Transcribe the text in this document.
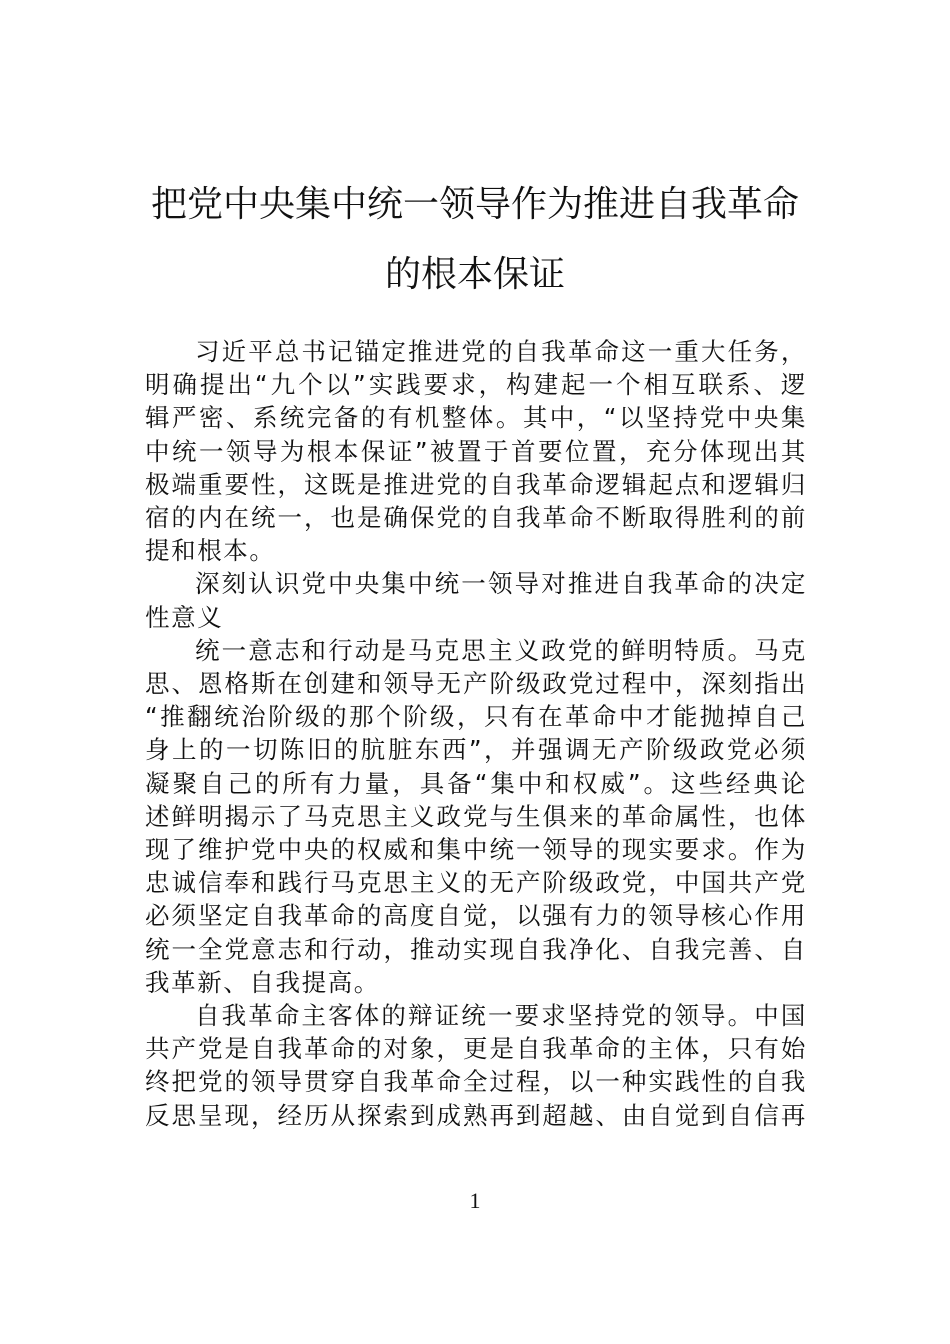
把党中央集中统一领导作为推进自我革命
的根本保证

习近平总书记锚定推进党的自我革命这一重大任务，
明确提出“九个以”实践要求，构建起一个相互联系、逻
辑严密、系统完备的有机整体。其中，“以坚持党中央集
中统一领导为根本保证”被置于首要位置，充分体现出其
极端重要性，这既是推进党的自我革命逻辑起点和逻辑归
宿的内在统一，也是确保党的自我革命不断取得胜利的前
提和根本。

深刻认识党中央集中统一领导对推进自我革命的决定
性意义

统一意志和行动是马克思主义政党的鲜明特质。马克
思、恩格斯在创建和领导无产阶级政党过程中，深刻指出
“推翻统治阶级的那个阶级，只有在革命中才能抛掉自己
身上的一切陈旧的肮脏东西”，并强调无产阶级政党必须
凝聚自己的所有力量，具备“集中和权威”。这些经典论
述鲜明揭示了马克思主义政党与生俱来的革命属性，也体
现了维护党中央的权威和集中统一领导的现实要求。作为
忠诚信奉和践行马克思主义的无产阶级政党，中国共产党
必须坚定自我革命的高度自觉，以强有力的领导核心作用
统一全党意志和行动，推动实现自我净化、自我完善、自
我革新、自我提高。

自我革命主客体的辩证统一要求坚持党的领导。中国
共产党是自我革命的对象，更是自我革命的主体，只有始
终把党的领导贯穿自我革命全过程，以一种实践性的自我
反思呈现，经历从探索到成熟再到超越、由自觉到自信再

1
